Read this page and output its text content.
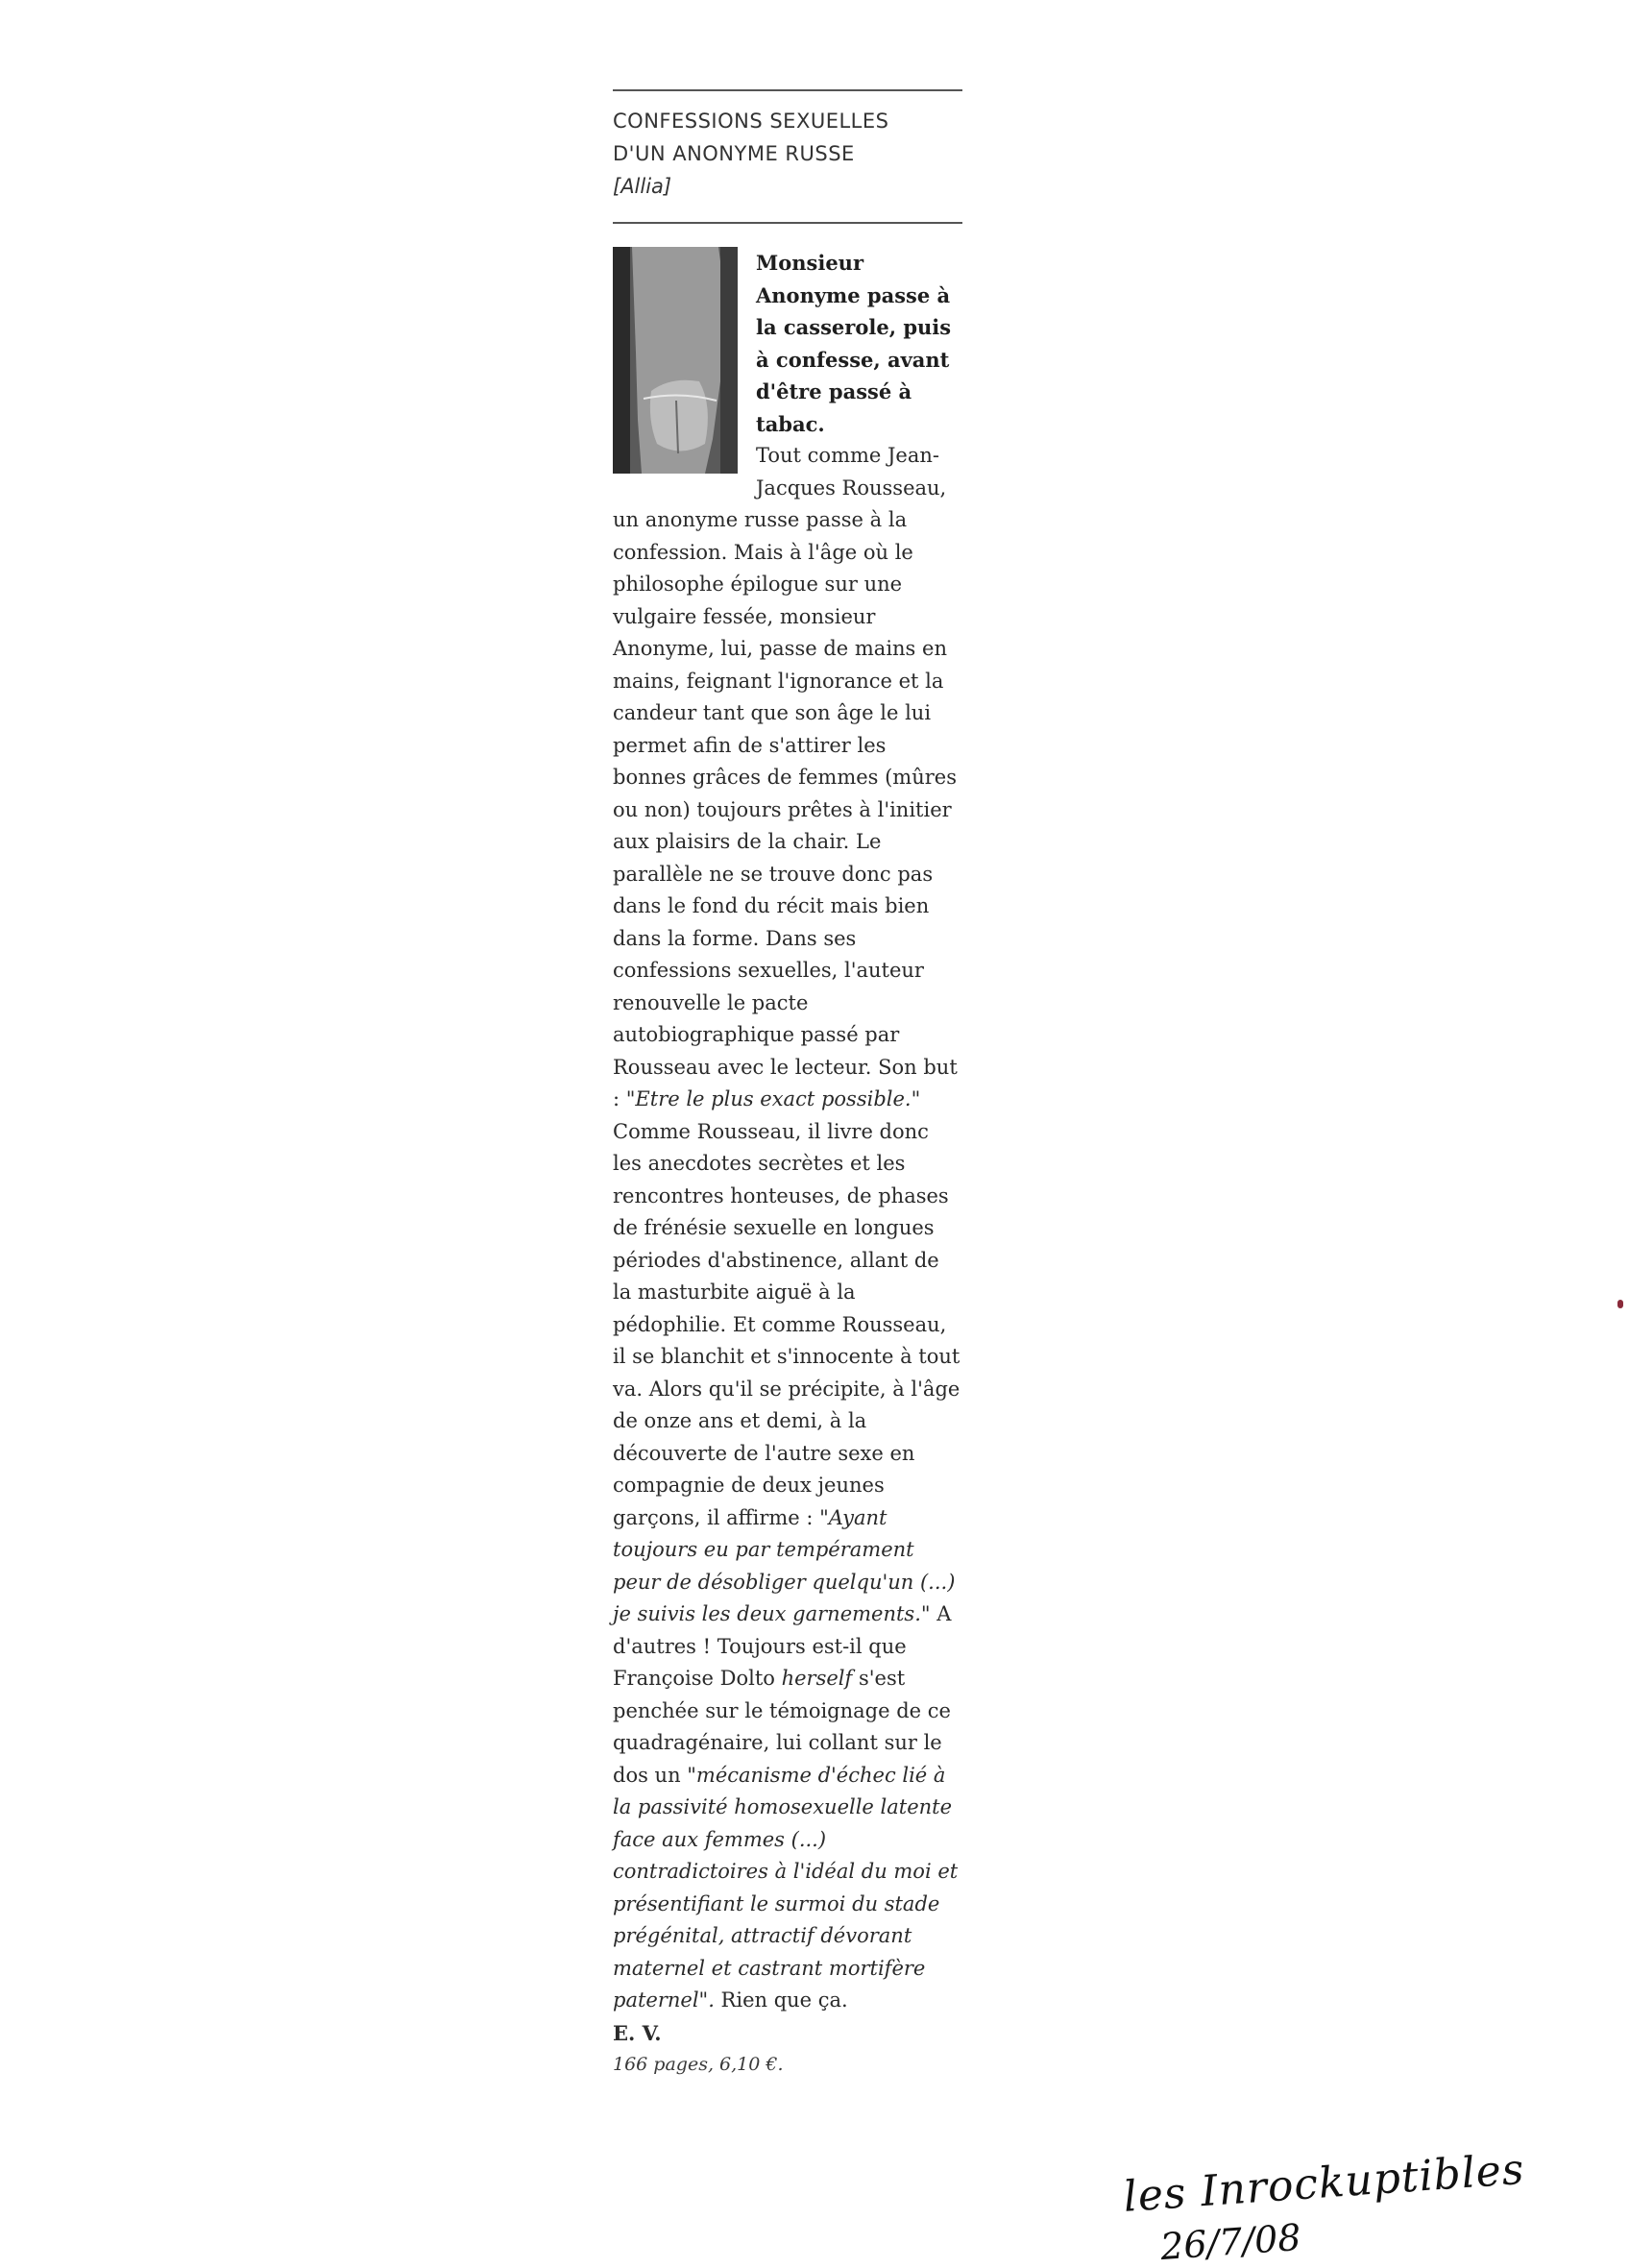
CONFESSIONS SEXUELLES
D'UN ANONYME RUSSE
[Allia]
Monsieur Anonyme passe à la casserole, puis à confesse, avant d'être passé à tabac.

Tout comme Jean-Jacques Rousseau, un anonyme russe passe à la confession. Mais à l'âge où le philosophe épilogue sur une vulgaire fessée, monsieur Anonyme, lui, passe de mains en mains, feignant l'ignorance et la candeur tant que son âge le lui permet afin de s'attirer les bonnes grâces de femmes (mûres ou non) toujours prêtes à l'initier aux plaisirs de la chair. Le parallèle ne se trouve donc pas dans le fond du récit mais bien dans la forme. Dans ses confessions sexuelles, l'auteur renouvelle le pacte autobiographique passé par Rousseau avec le lecteur. Son but : "Etre le plus exact possible." Comme Rousseau, il livre donc les anecdotes secrètes et les rencontres honteuses, de phases de frénésie sexuelle en longues périodes d'abstinence, allant de la masturbite aiguë à la pédophilie. Et comme Rousseau, il se blanchit et s'innocente à tout va. Alors qu'il se précipite, à l'âge de onze ans et demi, à la découverte de l'autre sexe en compagnie de deux jeunes garçons, il affirme : "Ayant toujours eu par tempérament peur de désobliger quelqu'un (...) je suivis les deux garnements." A d'autres ! Toujours est-il que Françoise Dolto herself s'est penchée sur le témoignage de ce quadragénaire, lui collant sur le dos un "mécanisme d'échec lié à la passivité homosexuelle latente face aux femmes (...) contradictoires à l'idéal du moi et présentifiant le surmoi du stade prégénital, attractif dévorant maternel et castrant mortifère paternel". Rien que ça.

E. V.
166 pages, 6,10 €.
les Inrockuptibles
26/7/08
